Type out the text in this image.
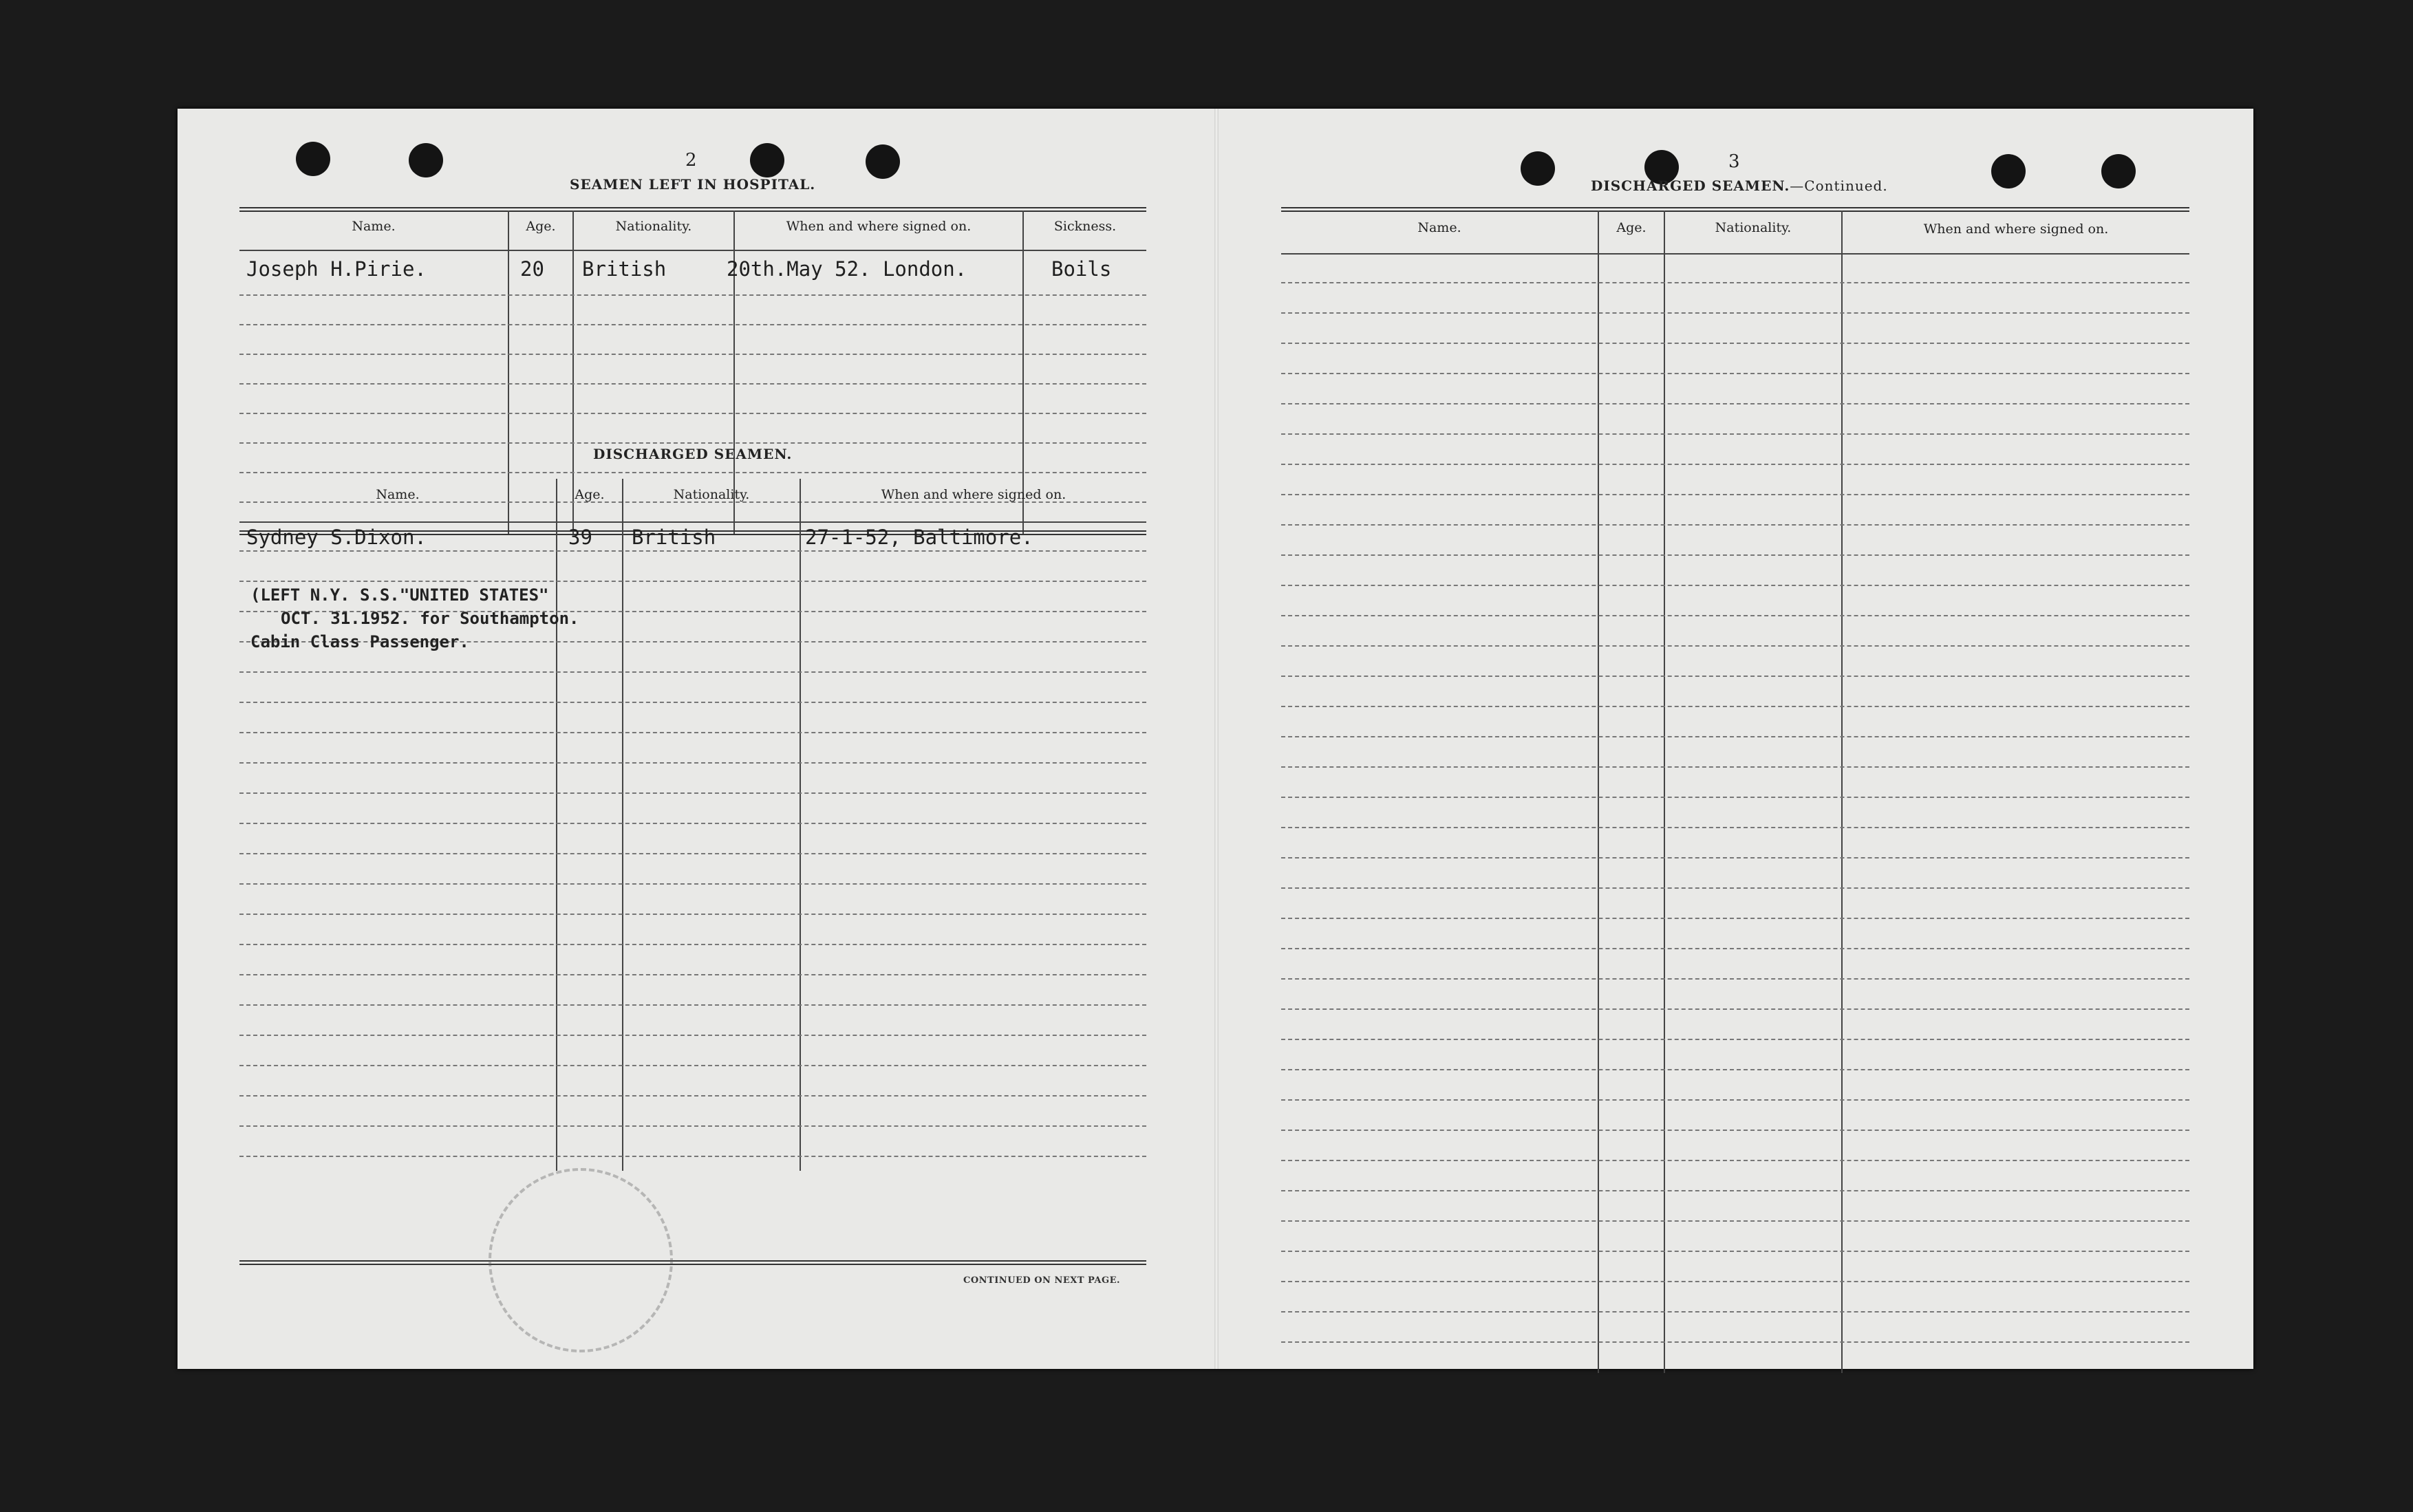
2
SEAMEN LEFT IN HOSPITAL.
Name.	Age.	Nationality.	When and where signed on.	Sickness.
Joseph H.Pirie.	20 British	20th.May 52. London.	Boils
DISCHARGED SEAMEN.
Name.	Age.	Nationality.	When and where signed on.
Sydney S.Dixon.	39 British	27-1-52, Baltimore.
(LEFT N.Y. S.S."UNITED STATES"
OCT. 31.1952. for Southampton.
Cabin Class Passenger.
CONTINUED ON NEXT PAGE.
3
DISCHARGED SEAMEN.—Continued.
Name.	Age.	Nationality.	When and where signed on.
